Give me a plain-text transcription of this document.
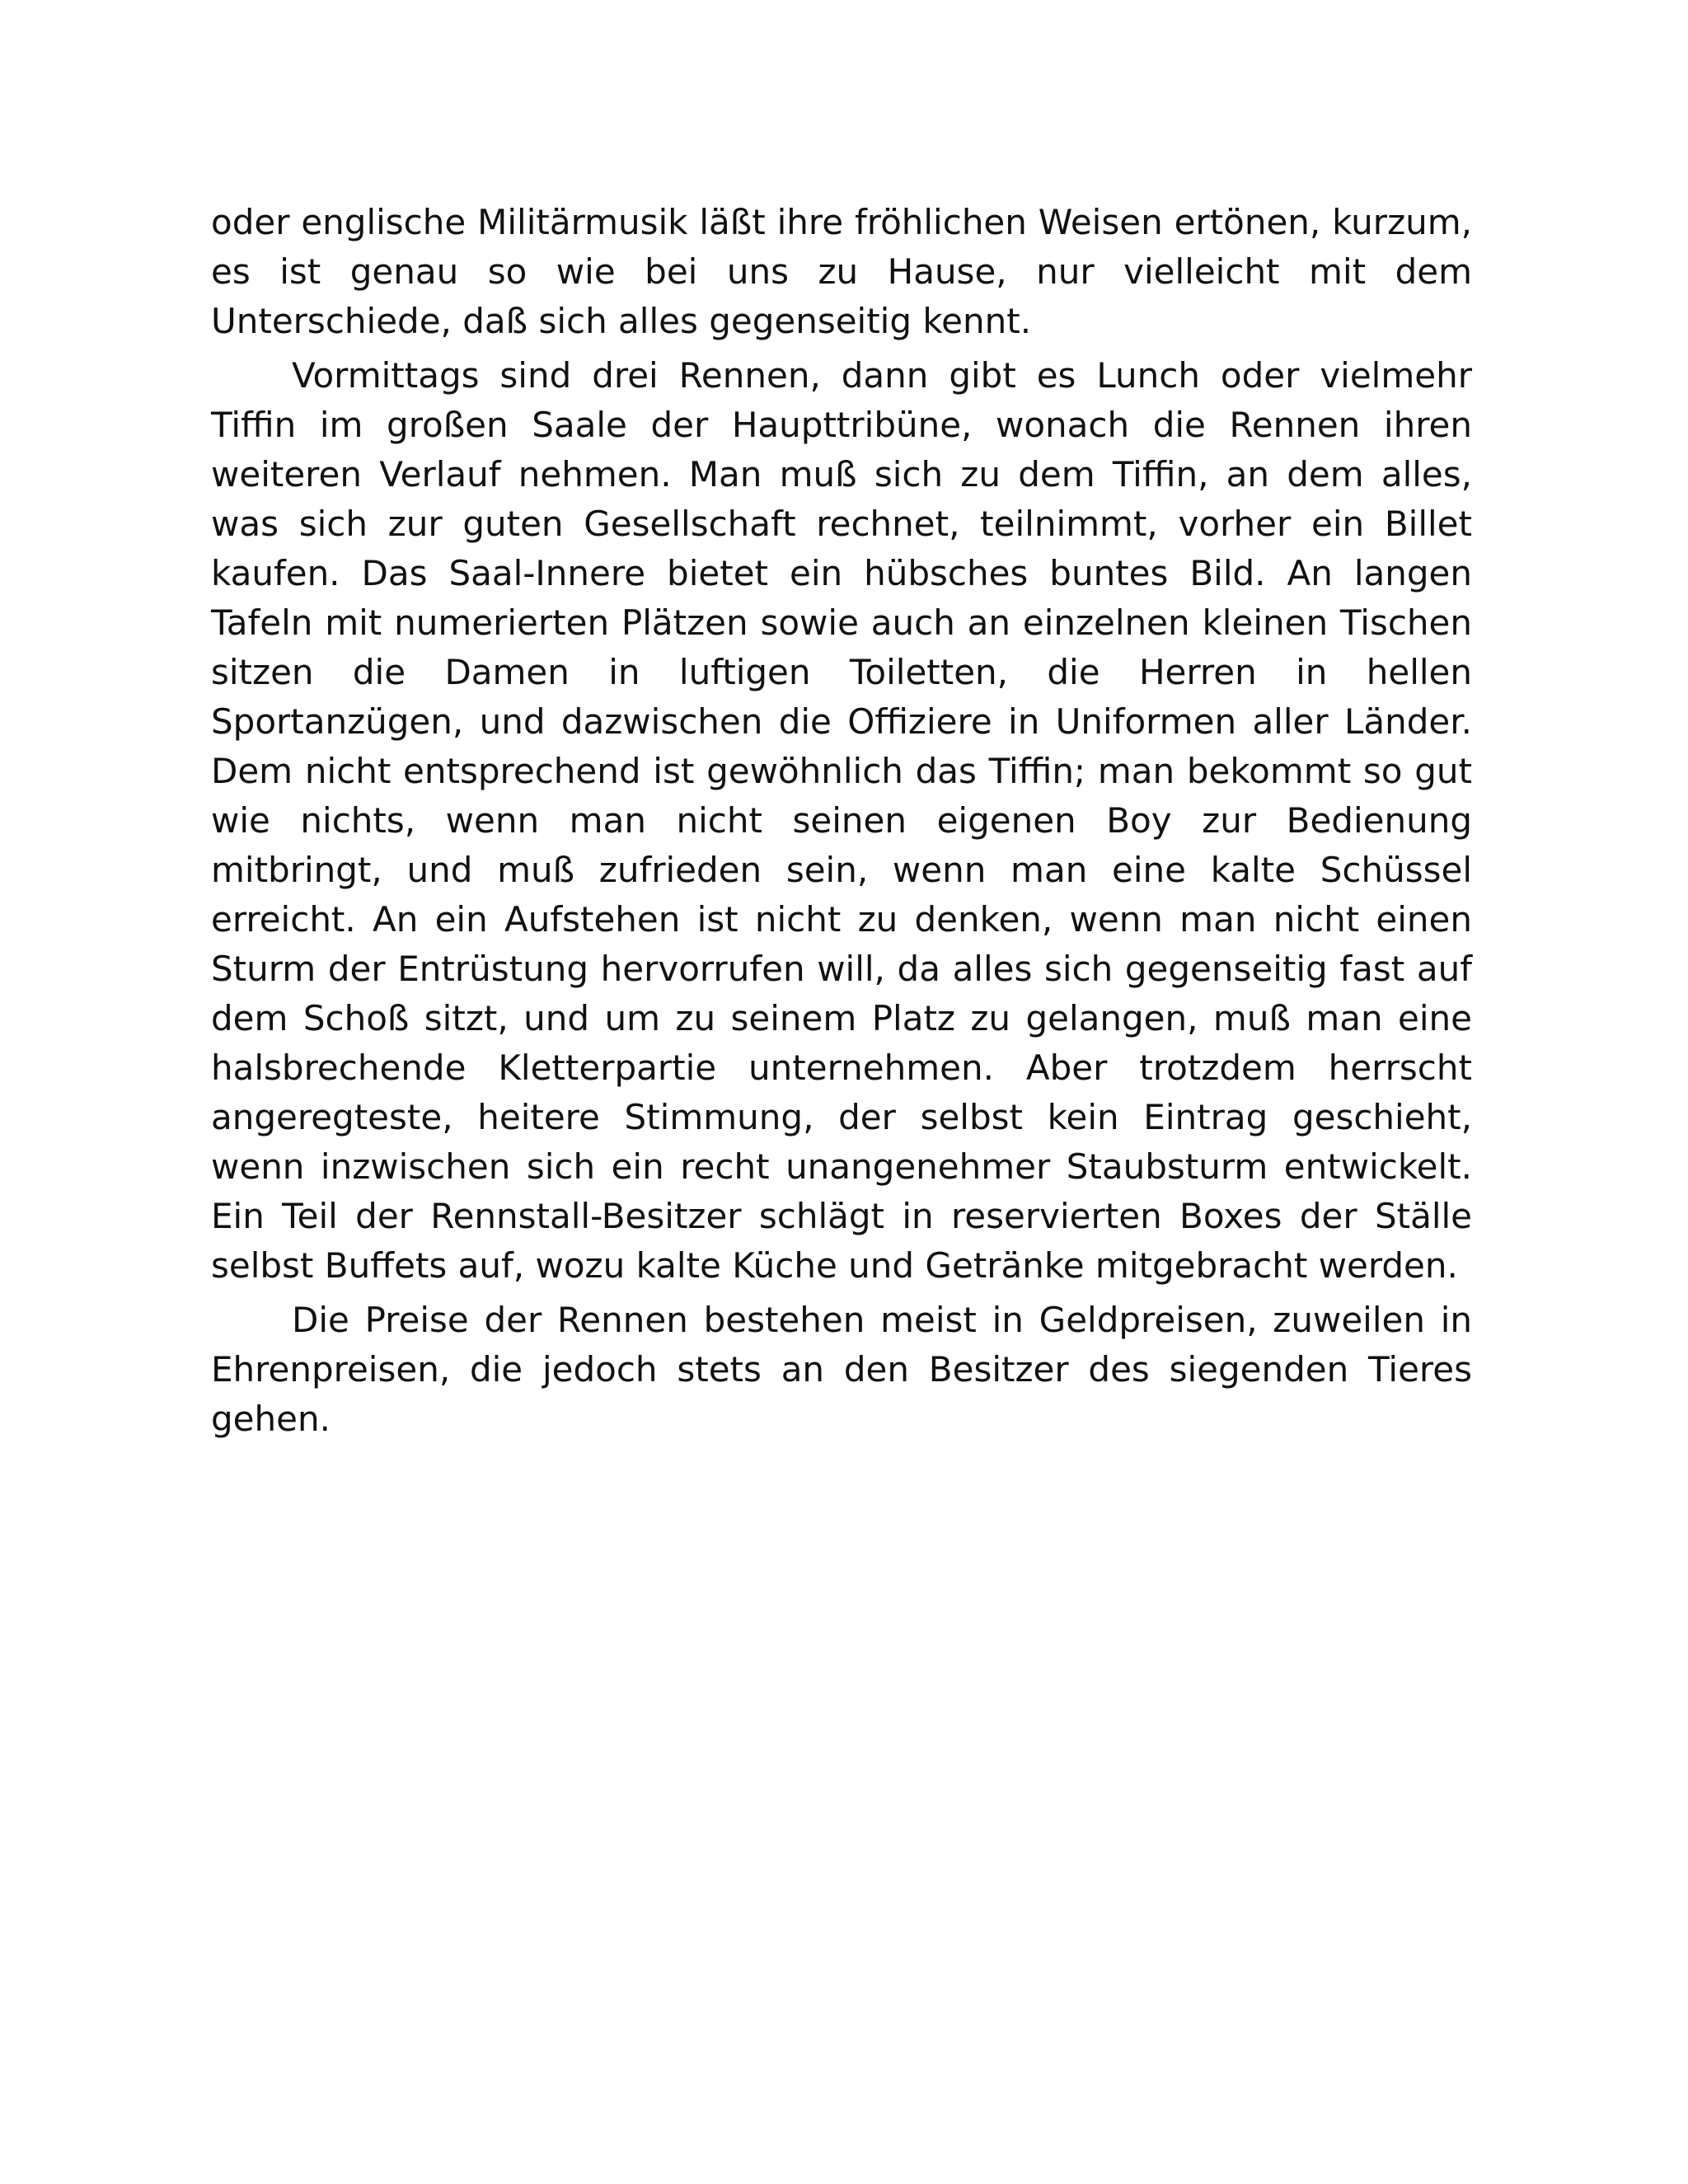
oder englische Militärmusik läßt ihre fröhlichen Weisen ertönen, kurzum, es ist genau so wie bei uns zu Hause, nur vielleicht mit dem Unterschiede, daß sich alles gegenseitig kennt.

Vormittags sind drei Rennen, dann gibt es Lunch oder vielmehr Tiffin im großen Saale der Haupttribüne, wonach die Rennen ihren weiteren Verlauf nehmen. Man muß sich zu dem Tiffin, an dem alles, was sich zur guten Gesellschaft rechnet, teilnimmt, vorher ein Billet kaufen. Das Saal-Innere bietet ein hübsches buntes Bild. An langen Tafeln mit numerierten Plätzen sowie auch an einzelnen kleinen Tischen sitzen die Damen in luftigen Toiletten, die Herren in hellen Sportanzügen, und dazwischen die Offiziere in Uniformen aller Länder. Dem nicht entsprechend ist gewöhnlich das Tiffin; man bekommt so gut wie nichts, wenn man nicht seinen eigenen Boy zur Bedienung mitbringt, und muß zufrieden sein, wenn man eine kalte Schüssel erreicht. An ein Aufstehen ist nicht zu denken, wenn man nicht einen Sturm der Entrüstung hervorrufen will, da alles sich gegenseitig fast auf dem Schoß sitzt, und um zu seinem Platz zu gelangen, muß man eine halsbrechende Kletterpartie unternehmen. Aber trotzdem herrscht angeregteste, heitere Stimmung, der selbst kein Eintrag geschieht, wenn inzwischen sich ein recht unangenehmer Staubsturm entwickelt. Ein Teil der Rennstall-Besitzer schlägt in reservierten Boxes der Ställe selbst Buffets auf, wozu kalte Küche und Getränke mitgebracht werden.

Die Preise der Rennen bestehen meist in Geldpreisen, zuweilen in Ehrenpreisen, die jedoch stets an den Besitzer des siegenden Tieres gehen.
